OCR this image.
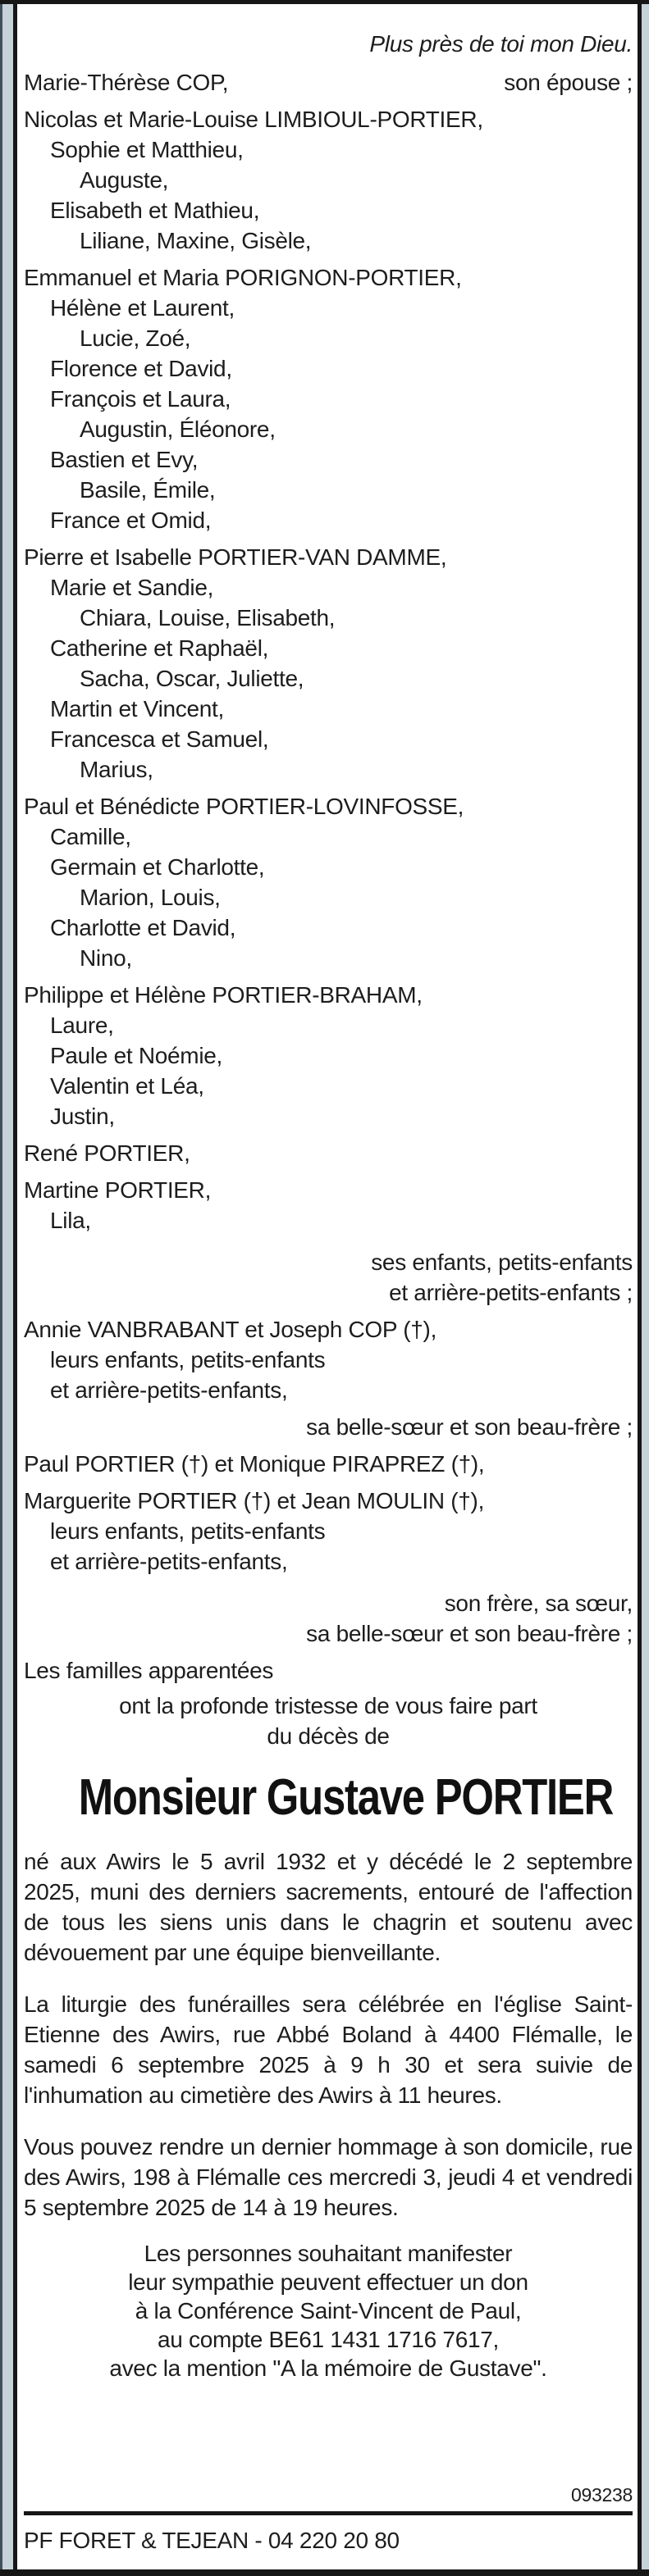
Plus près de toi mon Dieu.
Marie-Thérèse COP,	son épouse ;
Nicolas et Marie-Louise LIMBIOUL-PORTIER,
Sophie et Matthieu,
Auguste,
Elisabeth et Mathieu,
Liliane, Maxine, Gisèle,
Emmanuel et Maria PORIGNON-PORTIER,
Hélène et Laurent,
Lucie, Zoé,
Florence et David,
François et Laura,
Augustin, Éléonore,
Bastien et Evy,
Basile, Émile,
France et Omid,
Pierre et Isabelle PORTIER-VAN DAMME,
Marie et Sandie,
Chiara, Louise, Elisabeth,
Catherine et Raphaël,
Sacha, Oscar, Juliette,
Martin et Vincent,
Francesca et Samuel,
Marius,
Paul et Bénédicte PORTIER-LOVINFOSSE,
Camille,
Germain et Charlotte,
Marion, Louis,
Charlotte et David,
Nino,
Philippe et Hélène PORTIER-BRAHAM,
Laure,
Paule et Noémie,
Valentin et Léa,
Justin,
René PORTIER,
Martine PORTIER,
Lila,
ses enfants, petits-enfants
et arrière-petits-enfants ;
Annie VANBRABANT et Joseph COP (†),
leurs enfants, petits-enfants
et arrière-petits-enfants,
sa belle-sœur et son beau-frère ;
Paul PORTIER (†) et Monique PIRAPREZ (†),
Marguerite PORTIER (†) et Jean MOULIN (†),
leurs enfants, petits-enfants
et arrière-petits-enfants,
son frère, sa sœur,
sa belle-sœur et son beau-frère ;
Les familles apparentées
ont la profonde tristesse de vous faire part
du décès de
Monsieur Gustave PORTIER
né aux Awirs le 5 avril 1932 et y décédé le 2 septembre 2025, muni des derniers sacrements, entouré de l'affection de tous les siens unis dans le chagrin et soutenu avec dévouement par une équipe bienveillante.
La liturgie des funérailles sera célébrée en l'église Saint-Etienne des Awirs, rue Abbé Boland à 4400 Flémalle, le samedi 6 septembre 2025 à 9 h 30 et sera suivie de l'inhumation au cimetière des Awirs à 11 heures.
Vous pouvez rendre un dernier hommage à son domicile, rue des Awirs, 198 à Flémalle ces mercredi 3, jeudi 4 et vendredi 5 septembre 2025 de 14 à 19 heures.
Les personnes souhaitant manifester
leur sympathie peuvent effectuer un don
à la Conférence Saint-Vincent de Paul,
au compte BE61 1431 1716 7617,
avec la mention "A la mémoire de Gustave".
093238
PF FORET & TEJEAN - 04 220 20 80
